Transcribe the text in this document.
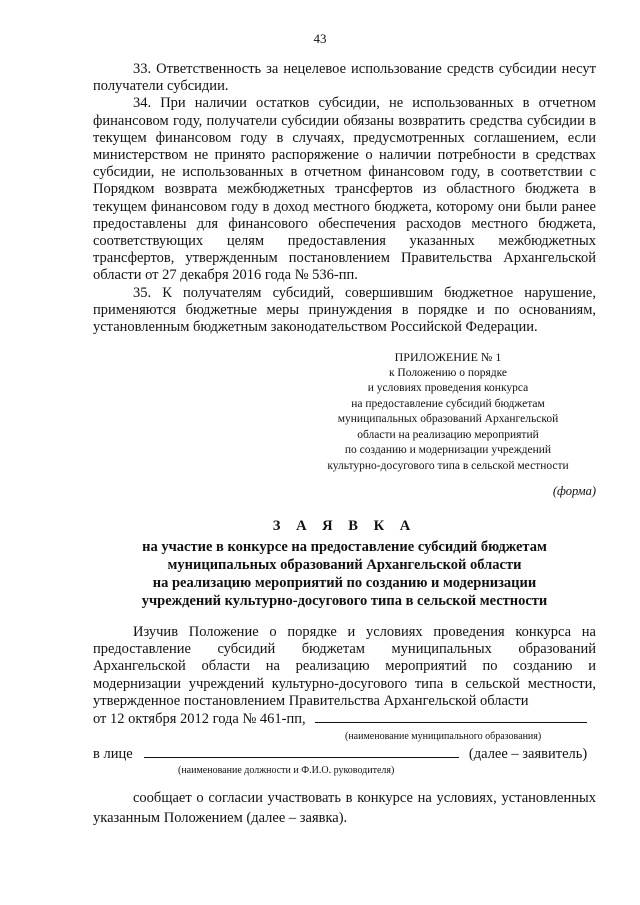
43

33. Ответственность за нецелевое использование средств субсидии несут получатели субсидии.

34. При наличии остатков субсидии, не использованных в отчетном финансовом году, получатели субсидии обязаны возвратить средства субсидии в текущем финансовом году в случаях, предусмотренных соглашением, если министерством не принято распоряжение о наличии потребности в средствах субсидии, не использованных в отчетном финансовом году, в соответствии с Порядком возврата межбюджетных трансфертов из областного бюджета в текущем финансовом году в доход местного бюджета, которому они были ранее предоставлены для финансового обеспечения расходов местного бюджета, соответствующих целям предоставления указанных межбюджетных трансфертов, утвержденным постановлением Правительства Архангельской области от 27 декабря 2016 года № 536-пп.

35. К получателям субсидий, совершившим бюджетное нарушение, применяются бюджетные меры принуждения в порядке и по основаниям, установленным бюджетным законодательством Российской Федерации.

ПРИЛОЖЕНИЕ № 1
к Положению о порядке
и условиях проведения конкурса
на предоставление субсидий бюджетам
муниципальных образований Архангельской
области на реализацию мероприятий
по созданию и модернизации учреждений
культурно-досугового типа в сельской местности
(форма)
З А Я В К А
на участие в конкурсе на предоставление субсидий бюджетам
муниципальных образований Архангельской области
на реализацию мероприятий по созданию и модернизации
учреждений культурно-досугового типа в сельской местности
Изучив Положение о порядке и условиях проведения конкурса на предоставление субсидий бюджетам муниципальных образований Архангельской области на реализацию мероприятий по созданию и модернизации учреждений культурно-досугового типа в сельской местности, утвержденное постановлением Правительства Архангельской области
от 12 октября 2012 года № 461-пп,
(наименование муниципального образования)
в лице	(далее – заявитель)
(наименование должности и Ф.И.О. руководителя)
сообщает о согласии участвовать в конкурсе на условиях, установленных указанным Положением (далее – заявка).
